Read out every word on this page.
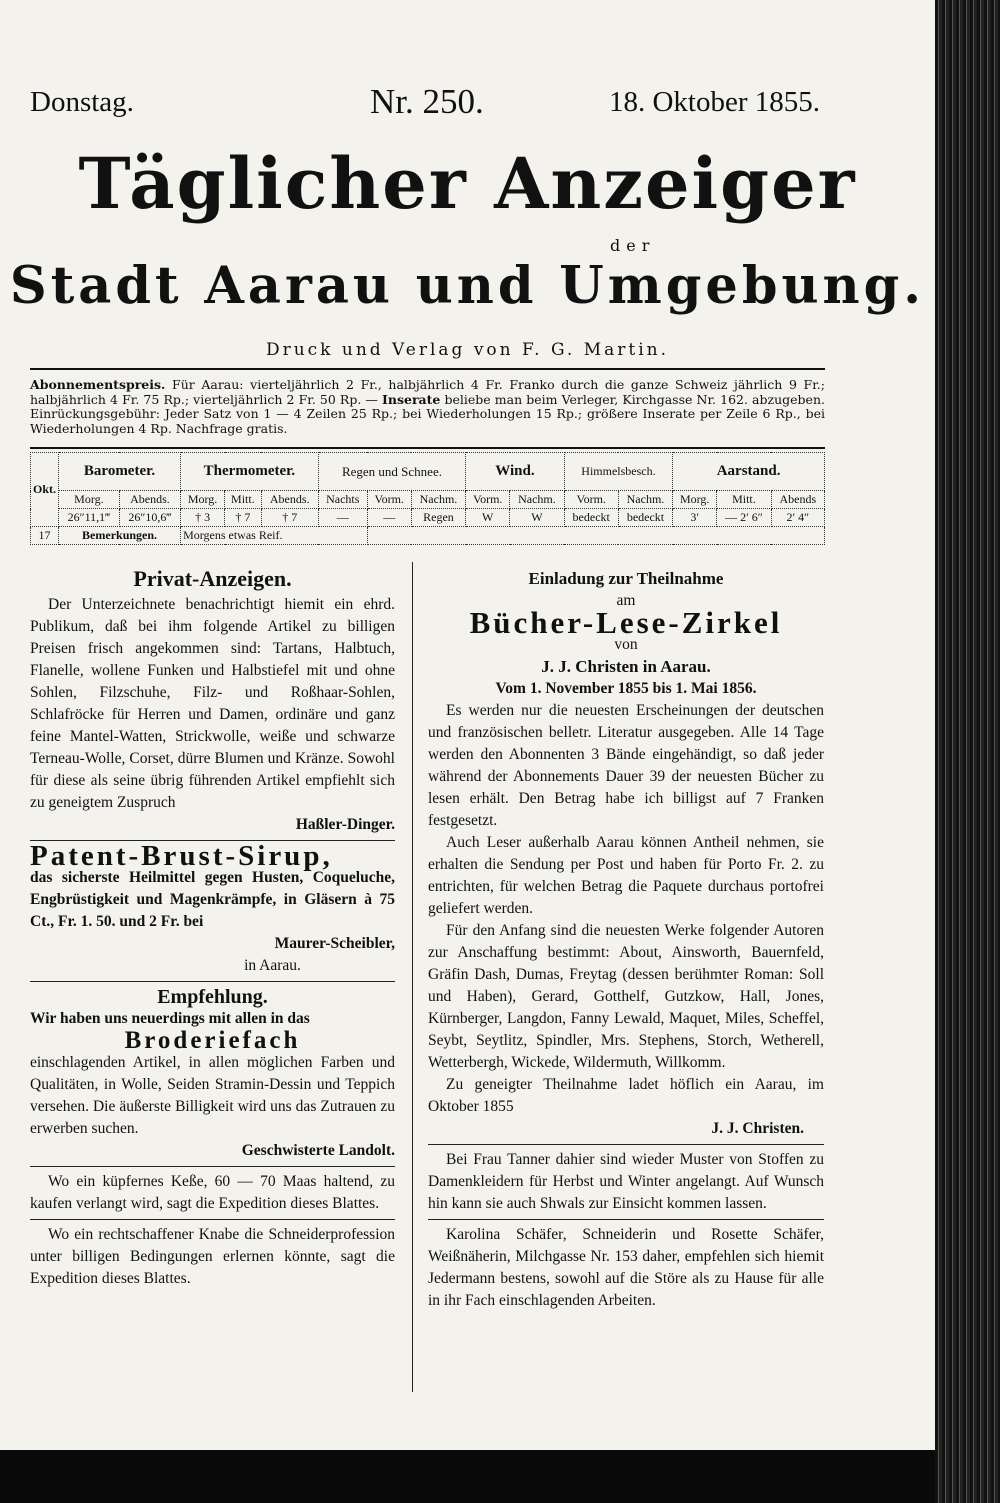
Donstag.	Nr. 250.	18. Oktober 1855.
Täglicher Anzeiger
der
Stadt Aarau und Umgebung.
Druck und Verlag von F. G. Martin.
Abonnementspreis. Für Aarau: vierteljährlich 2 Fr., halbjährlich 4 Fr. Franko durch die ganze Schweiz jährlich 9 Fr.; halbjährlich 4 Fr. 75 Rp.; vierteljährlich 2 Fr. 50 Rp. — Inserate beliebe man beim Verleger, Kirchgasse Nr. 162. abzugeben. Einrückungsgebühr: Jeder Satz von 1 — 4 Zeilen 25 Rp.; bei Wiederholungen 15 Rp.; größere Inserate per Zeile 6 Rp., bei Wiederholungen 4 Rp. Nachfrage gratis.
Okt.	Barometer.		Thermometer.			Regen und Schnee.			Wind.		Himmelsbesch.		Aarstand.		
	Morg.	Abends.	Morg.	Mitt.	Abends.	Nachts	Vorm.	Nachm.	Vorm.	Nachm.	Vorm.	Nachm.	Morg.	Mitt.	Abends
	26″11,1‴	26″10,6‴	† 3	† 7	† 7	—	—	Regen	W	W	bedeckt	bedeckt	3′	— 2′ 6″	2′ 4″
17	Bemerkungen.		Morgens etwas Reif.												
Privat-Anzeigen.
Der Unterzeichnete benachrichtigt hiemit ein ehrd. Publikum, daß bei ihm folgende Artikel zu billigen Preisen frisch angekommen sind: Tartans, Halbtuch, Flanelle, wollene Funken und Halbstiefel mit und ohne Sohlen, Filzschuhe, Filz- und Roßhaar-Sohlen, Schlafröcke für Herren und Damen, ordinäre und ganz feine Mantel-Watten, Strickwolle, weiße und schwarze Terneau-Wolle, Corset, dürre Blumen und Kränze. Sowohl für diese als seine übrig führenden Artikel empfiehlt sich zu geneigtem Zuspruch
Haßler-Dinger.
Patent-Brust-Sirup,
das sicherste Heilmittel gegen Husten, Coqueluche, Engbrüstigkeit und Magenkrämpfe, in Gläsern à 75 Ct., Fr. 1. 50. und 2 Fr. bei
Maurer-Scheibler,
in Aarau.
Empfehlung.
Wir haben uns neuerdings mit allen in das
Broderiefach
einschlagenden Artikel, in allen möglichen Farben und Qualitäten, in Wolle, Seiden Stramin-Dessin und Teppich versehen. Die äußerste Billigkeit wird uns das Zutrauen zu erwerben suchen.
Geschwisterte Landolt.
Wo ein küpfernes Keße, 60 — 70 Maas haltend, zu kaufen verlangt wird, sagt die Expedition dieses Blattes.
Wo ein rechtschaffener Knabe die Schneiderprofession unter billigen Bedingungen erlernen könnte, sagt die Expedition dieses Blattes.
Einladung zur Theilnahme
am
Bücher-Lese-Zirkel
von
J. J. Christen in Aarau.
Vom 1. November 1855 bis 1. Mai 1856.
Es werden nur die neuesten Erscheinungen der deutschen und französischen belletr. Literatur ausgegeben. Alle 14 Tage werden den Abonnenten 3 Bände eingehändigt, so daß jeder während der Abonnements Dauer 39 der neuesten Bücher zu lesen erhält. Den Betrag habe ich billigst auf 7 Franken festgesetzt.
Auch Leser außerhalb Aarau können Antheil nehmen, sie erhalten die Sendung per Post und haben für Porto Fr. 2. zu entrichten, für welchen Betrag die Paquete durchaus portofrei geliefert werden.
Für den Anfang sind die neuesten Werke folgender Autoren zur Anschaffung bestimmt: About, Ainsworth, Bauernfeld, Gräfin Dash, Dumas, Freytag (dessen berühmter Roman: Soll und Haben), Gerard, Gotthelf, Gutzkow, Hall, Jones, Kürnberger, Langdon, Fanny Lewald, Maquet, Miles, Scheffel, Seybt, Seytlitz, Spindler, Mrs. Stephens, Storch, Wetherell, Wetterbergh, Wickede, Wildermuth, Willkomm.
Zu geneigter Theilnahme ladet höflich ein Aarau, im Oktober 1855
J. J. Christen.
Bei Frau Tanner dahier sind wieder Muster von Stoffen zu Damenkleidern für Herbst und Winter angelangt. Auf Wunsch hin kann sie auch Shwals zur Einsicht kommen lassen.
Karolina Schäfer, Schneiderin und Rosette Schäfer, Weißnäherin, Milchgasse Nr. 153 daher, empfehlen sich hiemit Jedermann bestens, sowohl auf die Störe als zu Hause für alle in ihr Fach einschlagenden Arbeiten.
